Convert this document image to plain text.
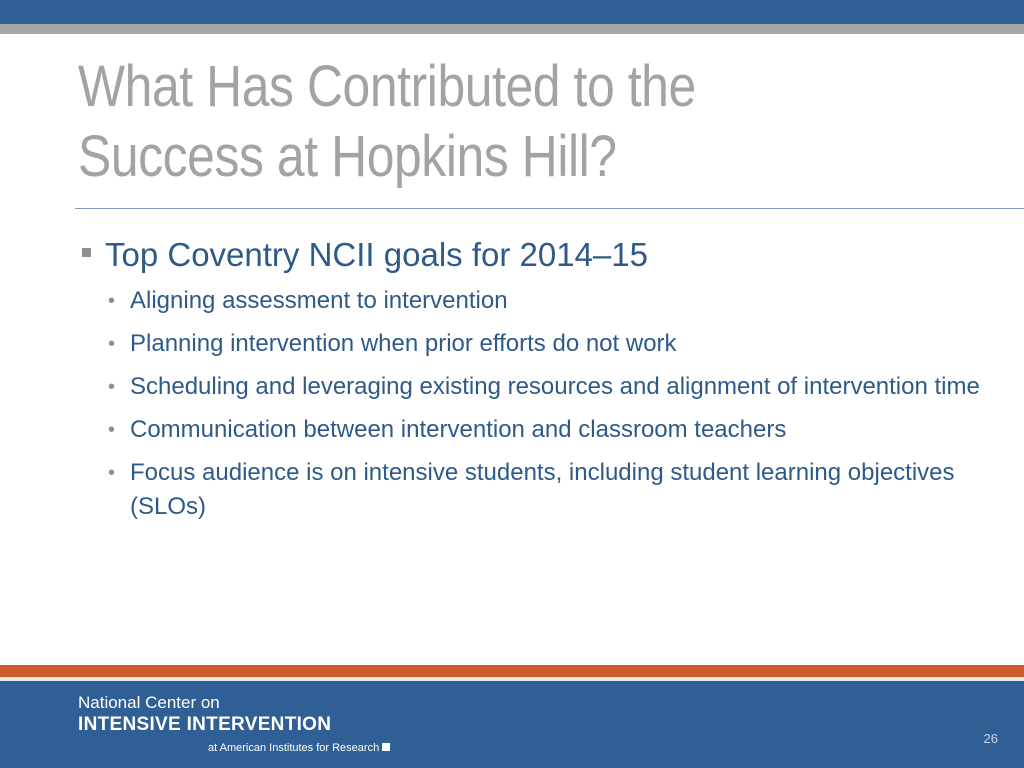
What Has Contributed to the
Success at Hopkins Hill?
Top Coventry NCII goals for 2014–15
• Aligning assessment to intervention
• Planning intervention when prior efforts do not work
• Scheduling and leveraging existing resources and alignment of intervention time
• Communication between intervention and classroom teachers
• Focus audience is on intensive students, including student learning objectives (SLOs)
National Center on
INTENSIVE INTERVENTION
at American Institutes for Research
26
